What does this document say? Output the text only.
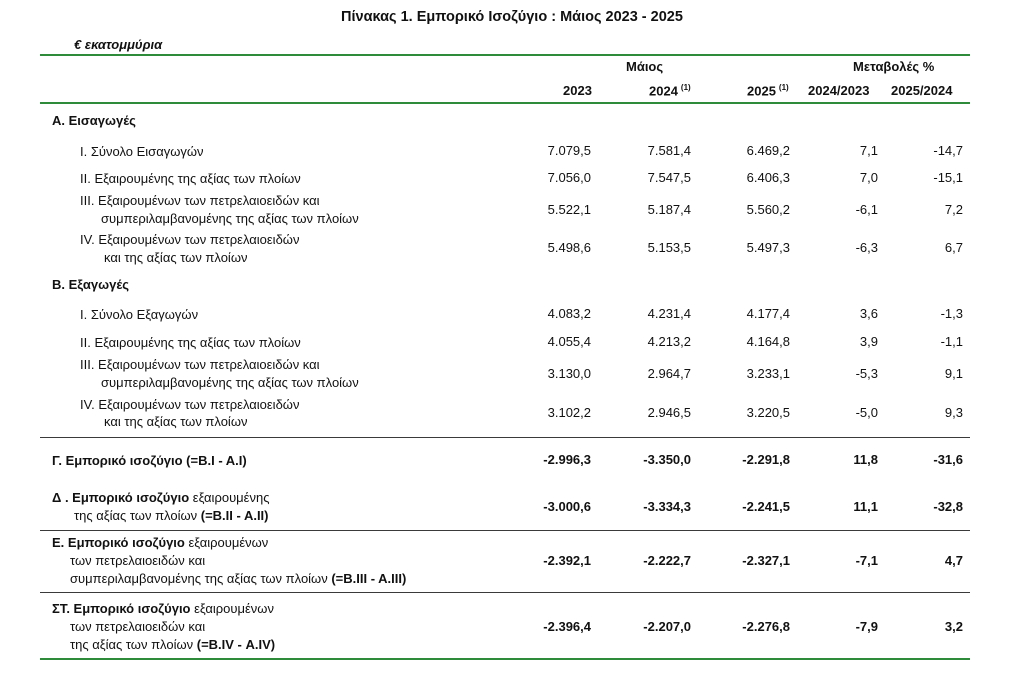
Πίνακας 1. Εμπορικό Ισοζύγιο : Μάιος 2023 - 2025
€ εκατομμύρια
Μάιος	Μεταβολές %
2023	2024 $^{(1)}$	2025 $^{(1)}$ 2024/2023 2025/2024
Α. Εισαγωγές
I. Σύνολο Εισαγωγών	7.079,5	7.581,4	6.469,2	7,1	-14,7
II. Εξαιρουμένης της αξίας των πλοίων	7.056,0	7.547,5	6.406,3	7,0	-15,1
III. Εξαιρουμένων των πετρελαιοειδών και
συμπεριλαμβανομένης της αξίας των πλοίων
5.522,1	5.187,4	5.560,2	-6,1	7,2
IV. Εξαιρουμένων των πετρελαιοειδών
και της αξίας των πλοίων
5.498,6	5.153,5	5.497,3	-6,3	6,7
Β. Εξαγωγές
I. Σύνολο Εξαγωγών	4.083,2	4.231,4	4.177,4	3,6	-1,3
II. Εξαιρουμένης της αξίας των πλοίων	4.055,4	4.213,2	4.164,8	3,9	-1,1
III. Εξαιρουμένων των πετρελαιοειδών και
συμπεριλαμβανομένης της αξίας των πλοίων
3.130,0	2.964,7	3.233,1	-5,3	9,1
IV. Εξαιρουμένων των πετρελαιοειδών
και της αξίας των πλοίων
3.102,2	2.946,5	3.220,5	-5,0	9,3
Γ. Εμπορικό ισοζύγιο (=Β.Ι - Α.Ι)	-2.996,3	-3.350,0	-2.291,8	11,8	-31,6
Δ . Εμπορικό ισοζύγιο εξαιρουμένης
της αξίας των πλοίων (=Β.ΙΙ - Α.ΙΙ)
-3.000,6	-3.334,3	-2.241,5	11,1	-32,8
Ε. Εμπορικό ισοζύγιο εξαιρουμένων
των πετρελαιοειδών και
συμπεριλαμβανομένης της αξίας των πλοίων (=Β.ΙΙΙ - Α.ΙΙΙ)
-2.392,1	-2.222,7	-2.327,1	-7,1	4,7
ΣΤ. Εμπορικό ισοζύγιο εξαιρουμένων
των πετρελαιοειδών και
της αξίας των πλοίων (=Β.ΙV - Α.ΙV)
-2.396,4	-2.207,0	-2.276,8	-7,9	3,2
